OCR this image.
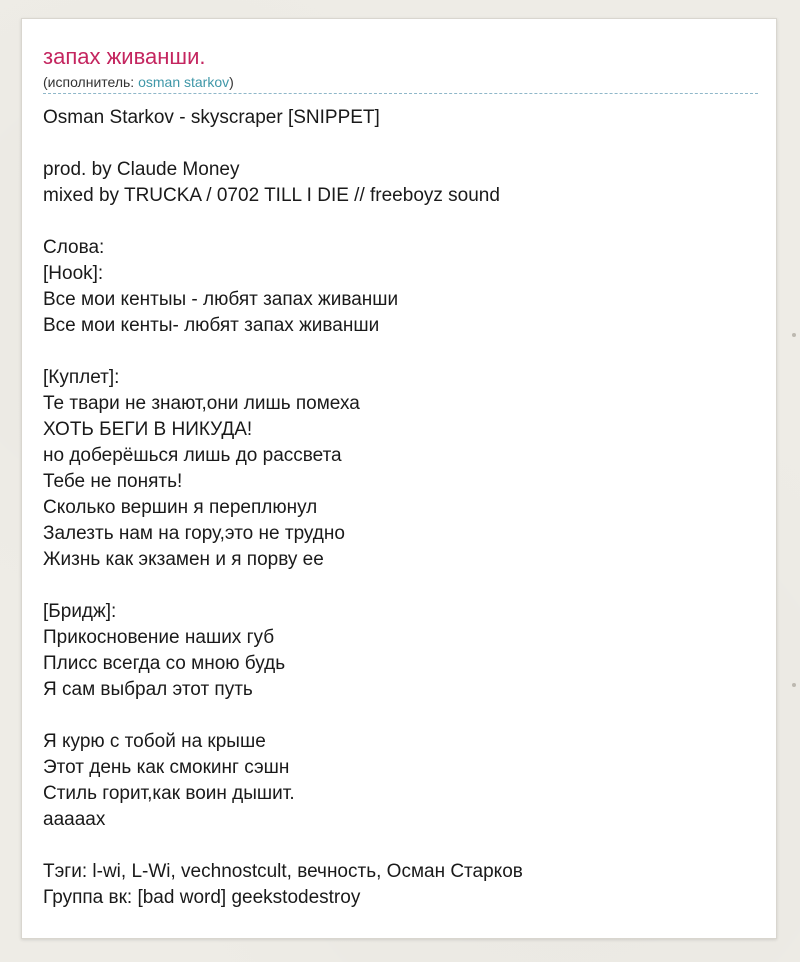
запах живанши.
(исполнитель: osman starkov)
Osman Starkov - skyscraper [SNIPPET]
prod. by Claude Money
mixed by TRUCKA / 0702 TILL I DIE // freeboyz sound
Слова:
[Hook]:
Все мои кентыы - любят запах живанши
Все мои кенты- любят запах живанши
[Куплет]:
Те твари не знают,они лишь помеха
ХОТЬ БЕГИ В НИКУДА!
но доберёшься лишь до рассвета
Тебе не понять!
Сколько вершин я переплюнул
Залезть нам на гору,это не трудно
Жизнь как экзамен и я порву ее
[Бридж]:
Прикосновение наших губ
Плисс всегда со мною будь
Я сам выбрал этот путь
Я курю с тобой на крыше
Этот день как смокинг сэшн
Стиль горит,как воин дышит.
аааааx
Тэги: l-wi, L-Wi, vechnostcult, вечность, Осман Старков
Группа вк: [bad word] geekstodestroy
